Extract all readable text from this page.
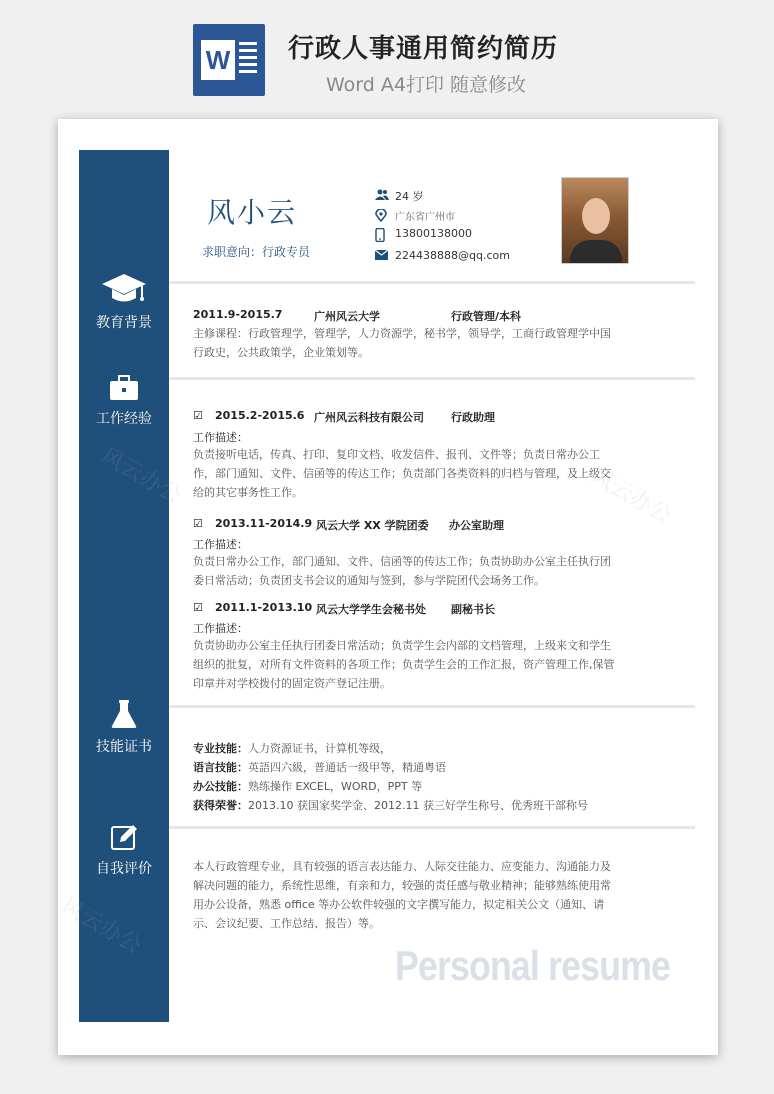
W 行政人事通用简约简历
Word A4打印 随意修改
教育背景
工作经验
技能证书
自我评价
风小云
求职意向：行政专员
24 岁
广东省广州市
13800138000
224438888@qq.com
2011.9-2015.7	广州风云大学	行政管理/本科
主修课程：行政管理学，管理学，人力资源学，秘书学，领导学，工商行政管理学中国行政史，公共政策学，企业策划等。
☑ 2015.2-2015.6 广州风云科技有限公司 行政助理
工作描述：
负责接听电话，传真、打印、复印文档、收发信件、报刊、文件等；负责日常办公工作，部门通知、文件、信函等的传达工作；负责部门各类资料的归档与管理，及上级交给的其它事务性工作。
☑ 2013.11-2014.9 风云大学 XX 学院团委 办公室助理
工作描述：
负责日常办公工作，部门通知、文件、信函等的传达工作；负责协助办公室主任执行团委日常活动；负责团支书会议的通知与签到，参与学院团代会场务工作。
☑ 2011.1-2013.10 风云大学学生会秘书处 副秘书长
工作描述：
负责协助办公室主任执行团委日常活动；负责学生会内部的文档管理，上级来文和学生组织的批复，对所有文件资料的各项工作；负责学生会的工作汇报，资产管理工作,保管印章并对学校拨付的固定资产登记注册。
专业技能：人力资源证书，计算机等级，
语言技能：英語四六級，普通话一级甲等，精通粤语
办公技能：熟练操作 EXCEL，WORD，PPT 等
获得荣誉：2013.10 获国家奖学金、2012.11 获三好学生称号、优秀班干部称号
本人行政管理专业，具有较强的语言表达能力、人际交往能力、应变能力、沟通能力及解决问题的能力，系统性思维，有亲和力，较强的责任感与敬业精神；能够熟练使用常用办公设备，熟悉 office 等办公软件较强的文字撰写能力，拟定相关公文（通知、请示、会议纪要、工作总结、报告）等。
风云办公	风云办公
风云办公
Personal resume
